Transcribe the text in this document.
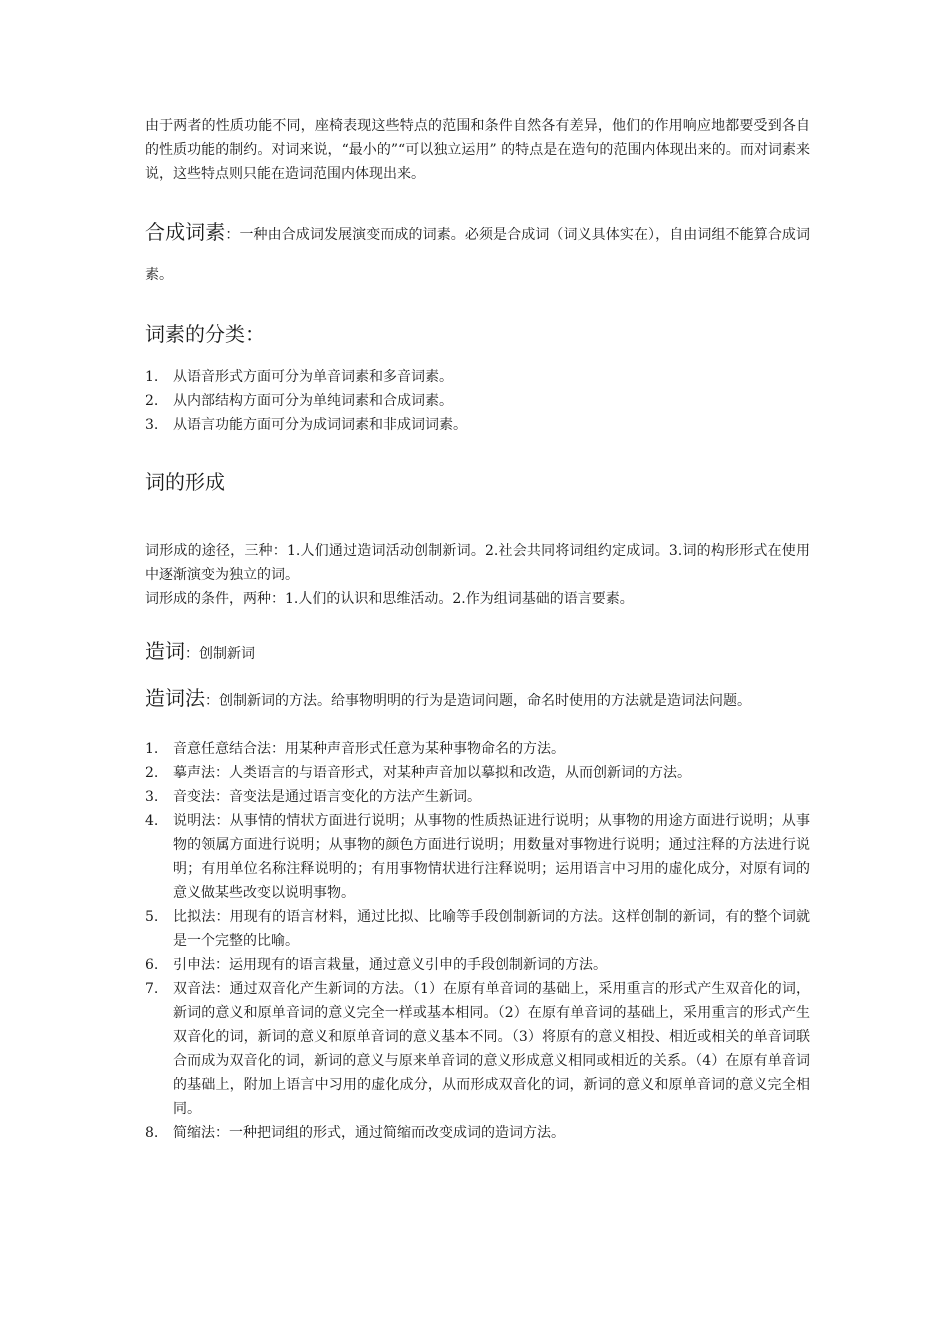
由于两者的性质功能不同，座椅表现这些特点的范围和条件自然各有差异，他们的作用响应地都要受到各自的性质功能的制约。对词来说，“最小的”“可以独立运用” 的特点是在造句的范围内体现出来的。而对词素来说，这些特点则只能在造词范围内体现出来。

合成词素：一种由合成词发展演变而成的词素。必须是合成词（词义具体实在），自由词组不能算合成词素。

词素的分类：
1. 从语音形式方面可分为单音词素和多音词素。
2. 从内部结构方面可分为单纯词素和合成词素。
3. 从语言功能方面可分为成词词素和非成词词素。
词的形成

词形成的途径，三种：1.人们通过造词活动创制新词。2.社会共同将词组约定成词。3.词的构形形式在使用中逐渐演变为独立的词。

词形成的条件，两种：1.人们的认识和思维活动。2.作为组词基础的语言要素。

造词：创制新词

造词法：创制新词的方法。给事物明明的行为是造词问题，命名时使用的方法就是造词法问题。

1. 音意任意结合法：用某种声音形式任意为某种事物命名的方法。
2. 摹声法：人类语言的与语音形式，对某种声音加以摹拟和改造，从而创新词的方法。
3. 音变法：音变法是通过语言变化的方法产生新词。
4. 说明法：从事情的情状方面进行说明；从事物的性质热证进行说明；从事物的用途方面进行说明；从事物的领属方面进行说明；从事物的颜色方面进行说明；用数量对事物进行说明；通过注释的方法进行说明；有用单位名称注释说明的；有用事物情状进行注释说明；运用语言中习用的虚化成分，对原有词的意义做某些改变以说明事物。
5. 比拟法：用现有的语言材料，通过比拟、比喻等手段创制新词的方法。这样创制的新词，有的整个词就是一个完整的比喻。
6. 引申法：运用现有的语言栽量，通过意义引申的手段创制新词的方法。
7. 双音法：通过双音化产生新词的方法。（1）在原有单音词的基础上，采用重言的形式产生双音化的词，新词的意义和原单音词的意义完全一样或基本相同。（2）在原有单音词的基础上，采用重言的形式产生双音化的词，新词的意义和原单音词的意义基本不同。（3）将原有的意义相投、相近或相关的单音词联合而成为双音化的词，新词的意义与原来单音词的意义形成意义相同或相近的关系。（4）在原有单音词的基础上，附加上语言中习用的虚化成分，从而形成双音化的词，新词的意义和原单音词的意义完全相同。
8. 简缩法：一种把词组的形式，通过简缩而改变成词的造词方法。
